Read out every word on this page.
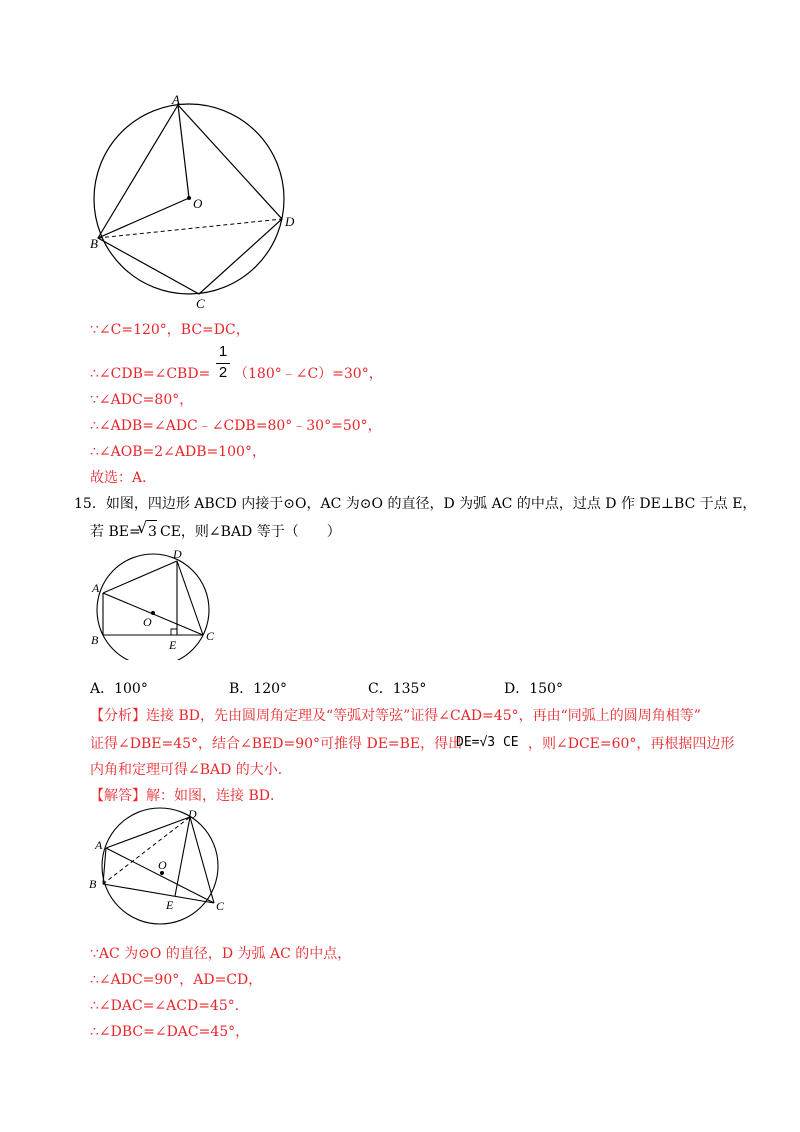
A
O
D
B
C
∵∠C=120°，BC=DC，
∴∠CDB=∠CBD=
1
2 （180°﹣∠C）=30°，
∵∠ADC=80°，
∴∠ADB=∠ADC﹣∠CDB=80°﹣30°=50°，
∴∠AOB=2∠ADB=100°，
故选：A．
15．如图，四边形 ABCD 内接于⊙O，AC 为⊙O 的直径，D 为弧 AC 的中点，过点 D 作 DE⊥BC 于点 E，
若 BE=
√ 3 CE，则∠BAD 等于（　　）
D
A
O
B	E
C
A．100°	B．120°	C．135°	D．150°
【分析】连接 BD，先由圆周角定理及“等弧对等弦”证得∠CAD=45°，再由“同弧上的圆周角相等”
证得∠DBE=45°，结合∠BED=90°可推得 DE=BE，得出
DE=√3 CE ，则∠DCE=60°，再根据四边形
内角和定理可得∠BAD 的大小．
【解答】解：如图，连接 BD．
D
A
O
B
E	C
∵AC 为⊙O 的直径，D 为弧 AC 的中点，
∴∠ADC=90°，AD=CD，
∴∠DAC=∠ACD=45°．
∴∠DBC=∠DAC=45°，
